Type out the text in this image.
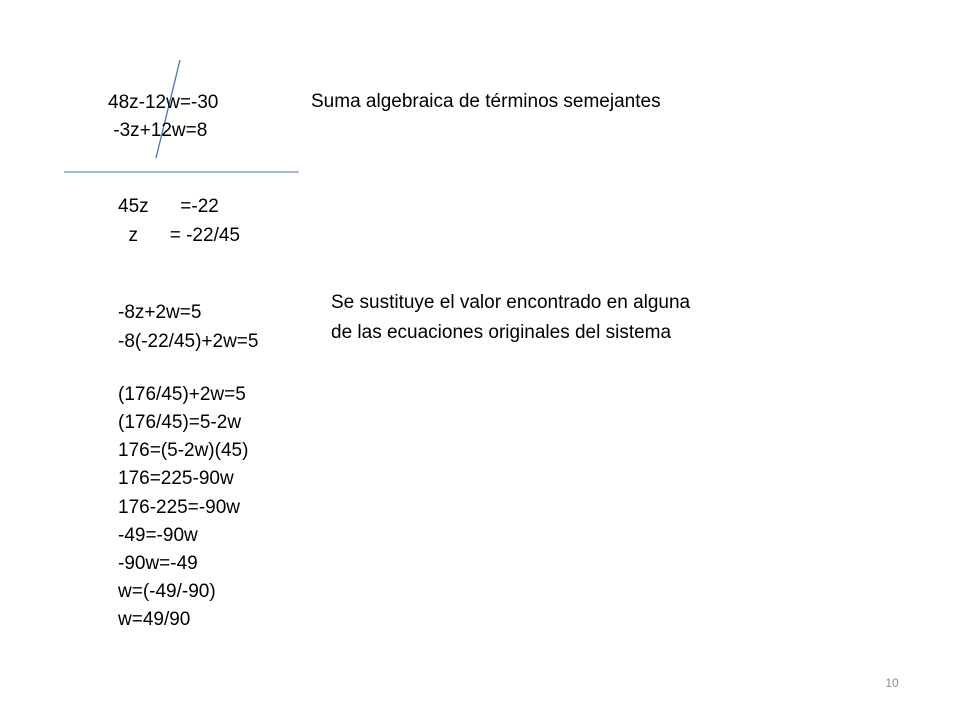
48z-12w=-30

-3z+12w=8

45z      =-22

z      = -22/45

Suma algebraica de términos semejantes

-8z+2w=5

-8(-22/45)+2w=5

Se sustituye el valor encontrado en alguna

de las ecuaciones originales del sistema

(176/45)+2w=5

(176/45)=5-2w

176=(5-2w)(45)

176=225-90w

176-225=-90w

-49=-90w

-90w=-49

w=(-49/-90)

w=49/90

10
